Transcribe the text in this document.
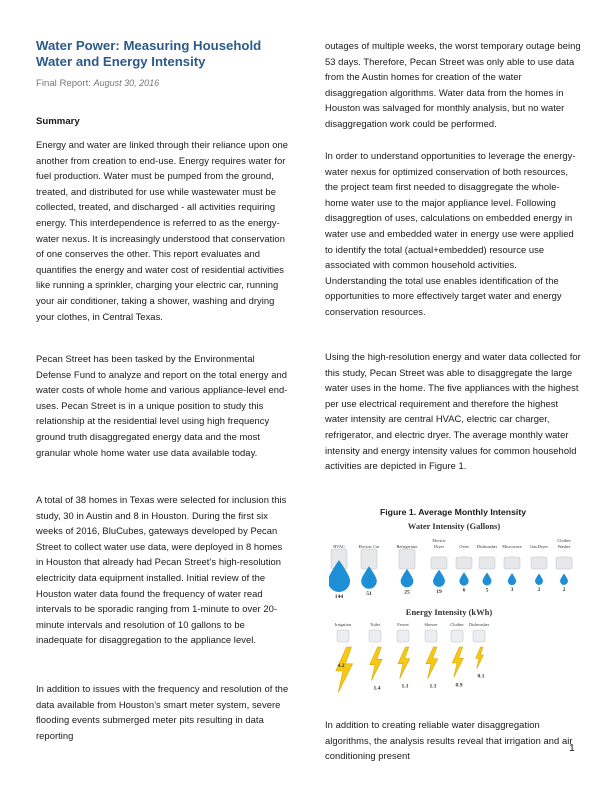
Water Power: Measuring Household Water and Energy Intensity
Final Report: August 30, 2016
Summary

Energy and water are linked through their reliance upon one another from creation to end-use. Energy requires water for fuel production. Water must be pumped from the ground, treated, and distributed for use while wastewater must be collected, treated, and discharged - all activities requiring energy. This interdependence is referred to as the energy-water nexus. It is increasingly understood that conservation of one conserves the other. This report evaluates and quantifies the energy and water cost of residential activities like running a sprinkler, charging your electric car, running your air conditioner, taking a shower, washing and drying your clothes, in Central Texas.

Pecan Street has been tasked by the Environmental Defense Fund to analyze and report on the total energy and water costs of whole home and various appliance-level end-uses. Pecan Street is in a unique position to study this relationship at the residential level using high frequency ground truth disaggregated energy data and the most granular whole home water use data available today.

A total of 38 homes in Texas were selected for inclusion this study, 30 in Austin and 8 in Houston. During the first six weeks of 2016, BluCubes, gateways developed by Pecan Street to collect water use data, were deployed in 8 homes in Houston that already had Pecan Street’s high-resolution electricity data equipment installed. Initial review of the Houston water data found the frequency of water read intervals to be sporadic ranging from 1-minute to over 20-minute intervals and resolution of 10 gallons to be inadequate for disaggregation to the appliance level.

In addition to issues with the frequency and resolution of the data available from Houston’s smart meter system, severe flooding events submerged meter pits resulting in data reporting

outages of multiple weeks, the worst temporary outage being 53 days. Therefore, Pecan Street was only able to use data from the Austin homes for creation of the water disaggregation algorithms. Water data from the homes in Houston was salvaged for monthly analysis, but no water disaggregation work could be performed.

In order to understand opportunities to leverage the energy-water nexus for optimized conservation of both resources, the project team first needed to disaggregate the whole-home water use to the major appliance level. Following disaggregtion of uses, calculations on embedded energy in water use and embedded water in energy use were applied to identify the total (actual+embedded) resource use associated with common household activities. Understanding the total use enables identification of the opportunities to more effectively target water and energy conservation resources.

Using the high-resolution energy and water data collected for this study, Pecan Street was able to disaggregate the large water uses in the home. The five appliances with the highest per use electrical requirement and therefore the highest water intensity are central HVAC, electric car charger, refrigerator, and electric dryer. The average monthly water intensity and energy intensity values for common household activities are depicted in Figure 1.

Figure 1. Average Monthly Intensity
Water Intensity (Gallons)
HVAC
144
Electric Car
51
Refrigerator
25
Electric
Dryer
19
Oven
6
Dishwasher
5
Microwave
3
Gas Dryer
2
Clothes
Washer
2
Energy Intensity (kWh)
Irrigation
4.2
Toilet
1.4
Faucet
1.1
Shower
1.1
Clothes
0.9
Dishwasher
0.1

In addition to creating reliable water disaggregation algorithms, the analysis results reveal that irrigation and air conditioning present

1
